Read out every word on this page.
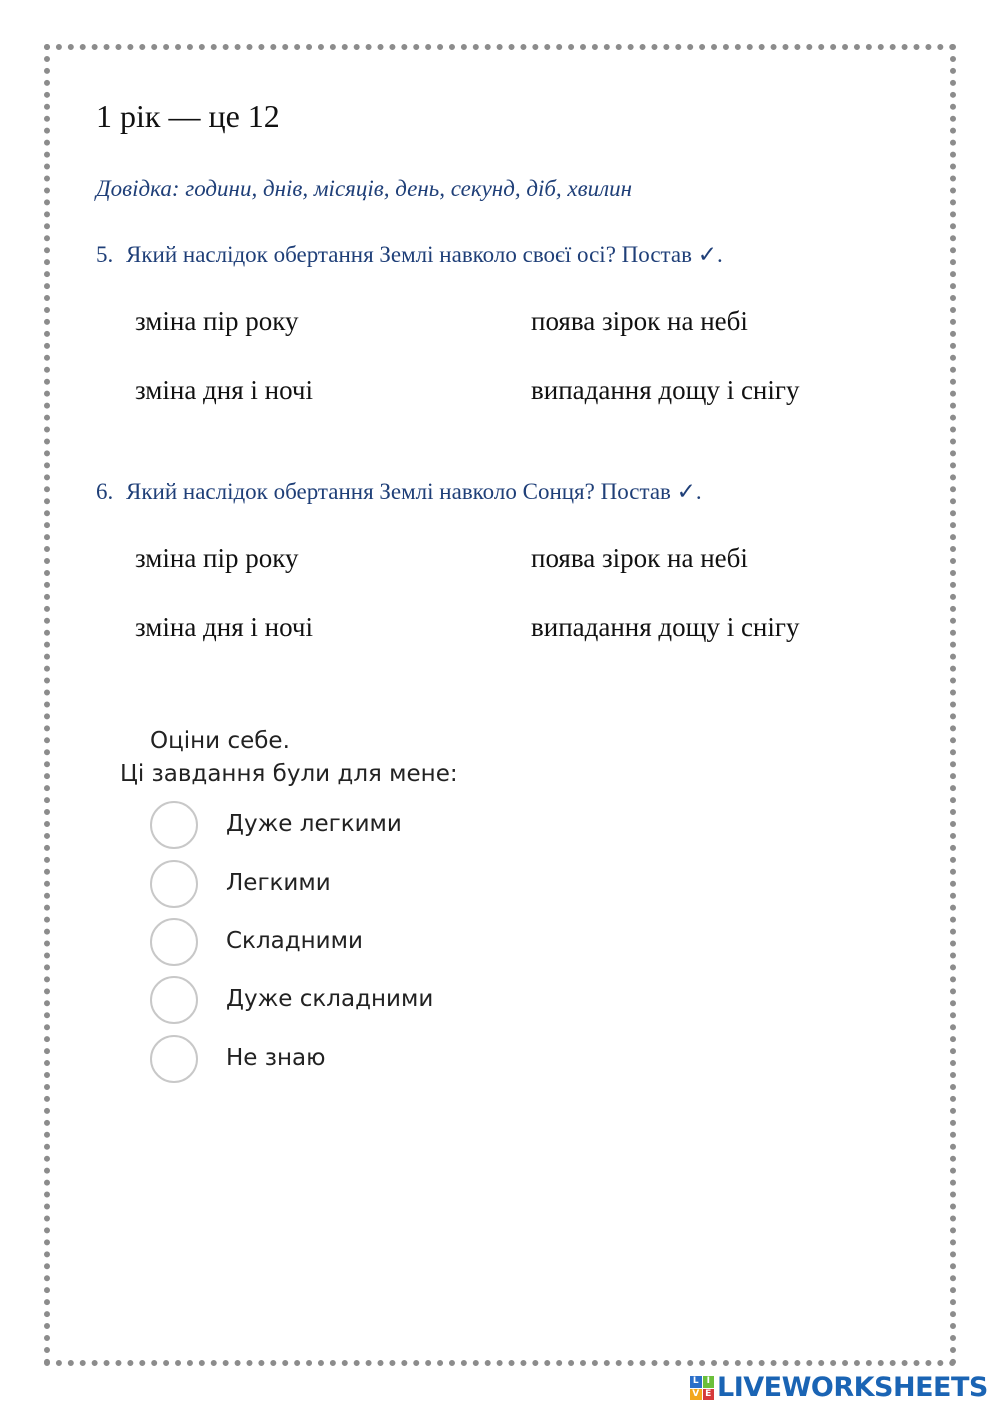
1 рік — це 12
Довідка: години, днів, місяців, день, секунд, діб, хвилин
5. Який наслідок обертання Землі навколо своєї осі? Постав ✓.
зміна пір року	поява зірок на небі
зміна дня і ночі	випадання дощу і снігу
6. Який наслідок обертання Землі навколо Сонця? Постав ✓.
зміна пір року	поява зірок на небі
зміна дня і ночі	випадання дощу і снігу
Оціни себе.
Ці завдання були для мене:
Дуже легкими
Легкими
Складними
Дуже складними
Не знаю
L I
V E LIVEWORKSHEETS
